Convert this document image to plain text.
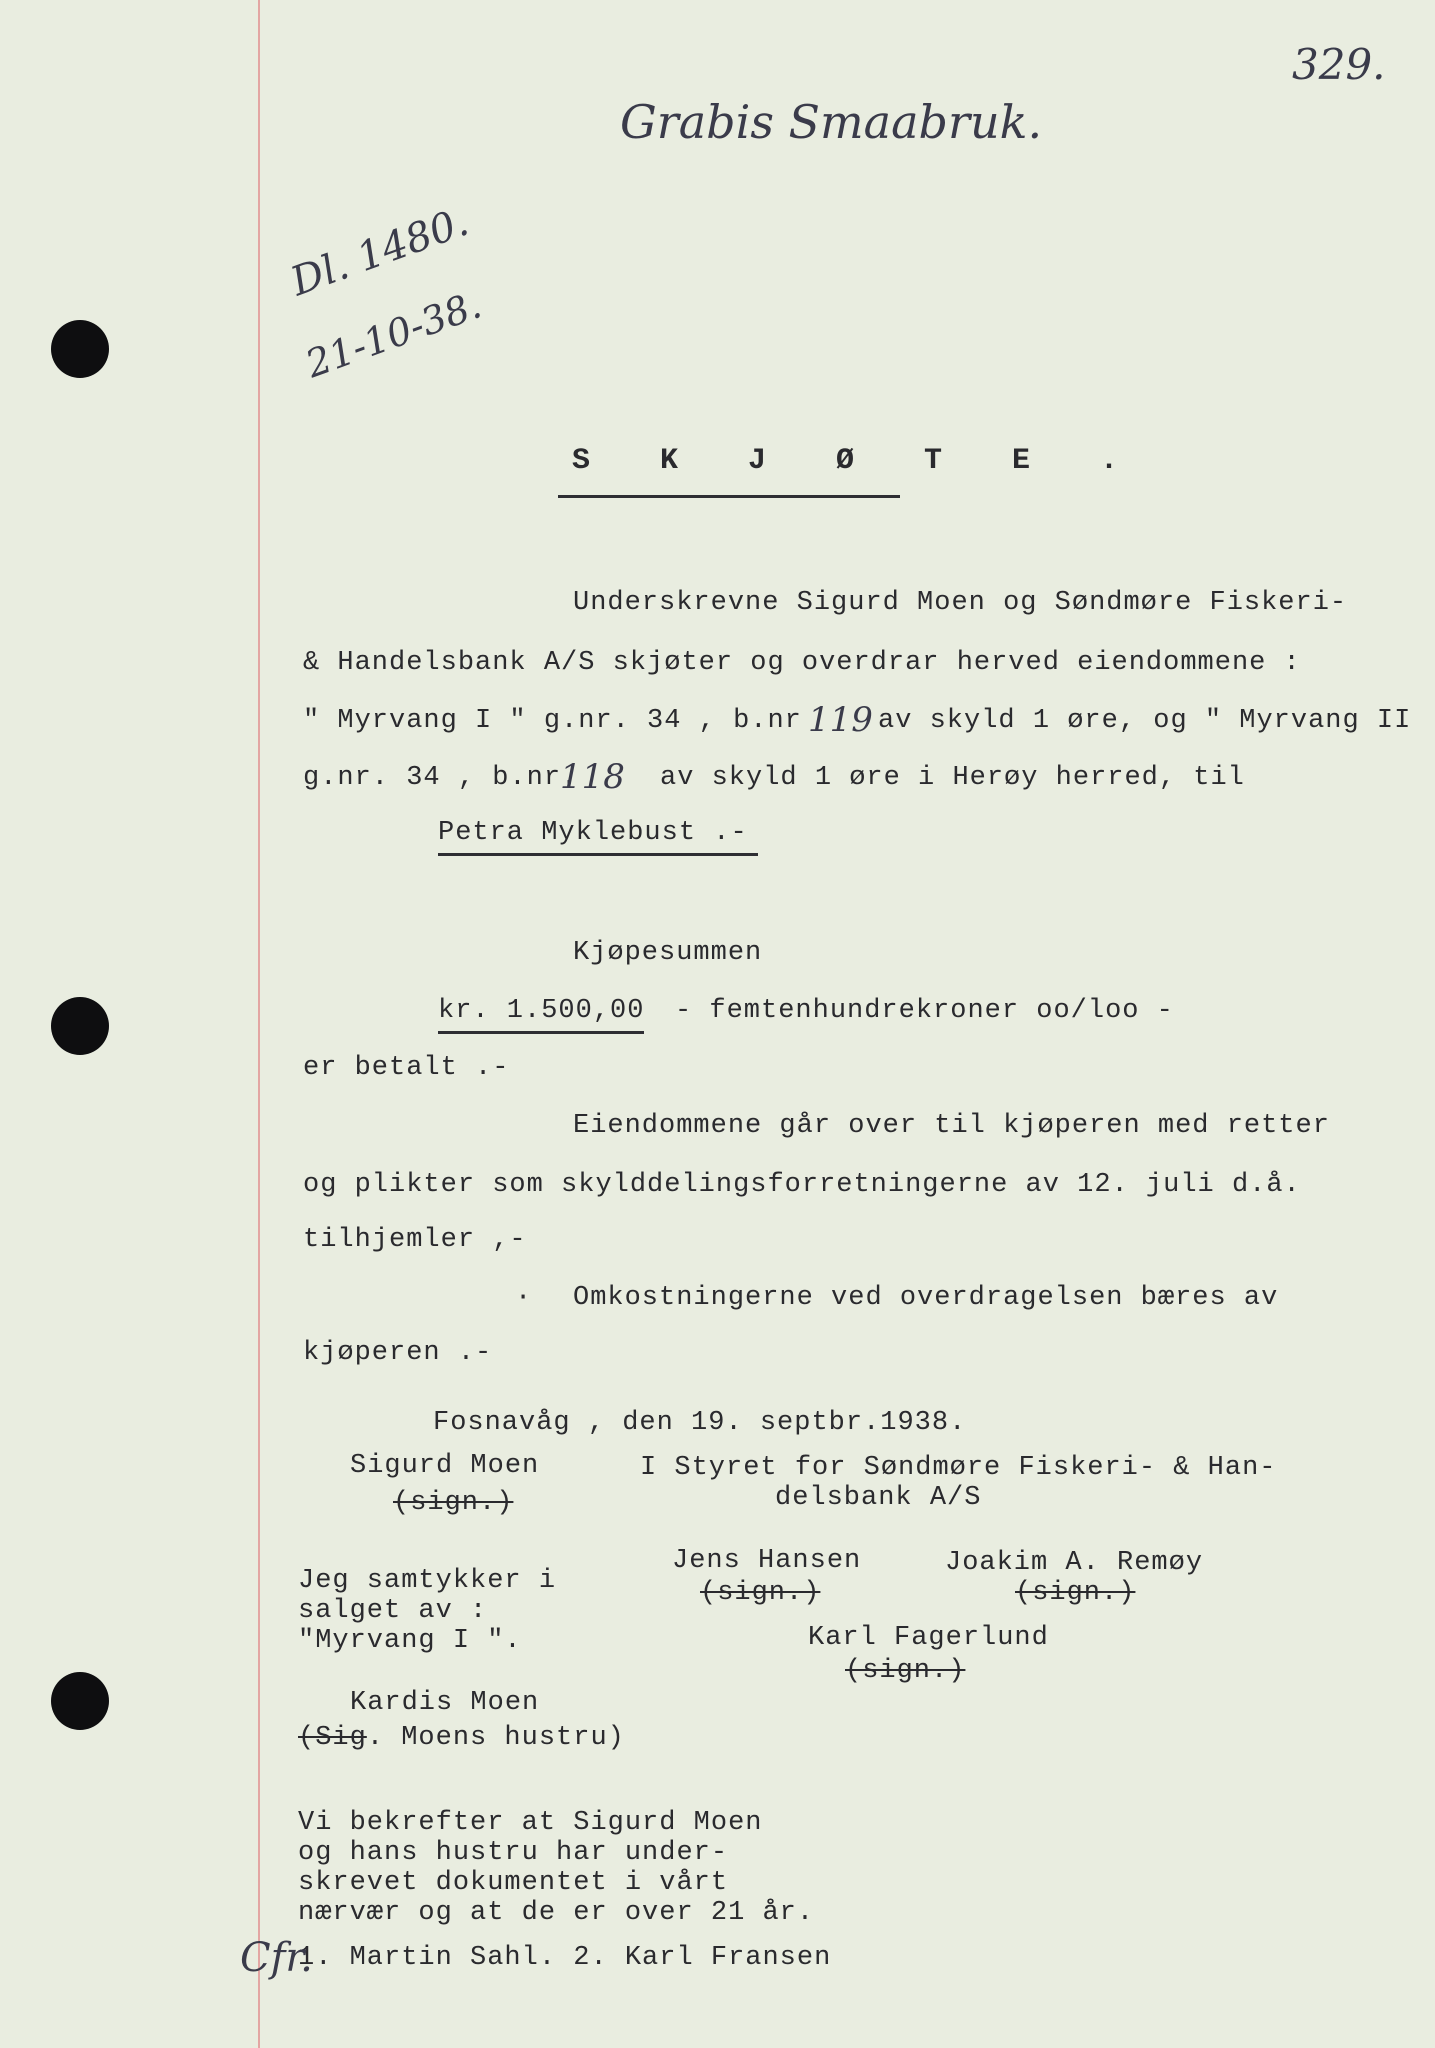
329.
Grabis Smaabruk.
Dl. 1480.
21-10-38.
S K J Ø T E .
Underskrevne Sigurd Moen og Søndmøre Fiskeri-
& Handelsbank A/S skjøter og overdrar herved eiendommene :
" Myrvang I " g.nr. 34 , b.nr 119 av skyld 1 øre, og " Myrvang II
g.nr. 34 , b.nr.
118 av skyld 1 øre i Herøy herred, til
Petra Myklebust .-
Kjøpesummen
kr. 1.500,00 - femtenhundrekroner oo/loo -
er betalt .-
Eiendommene går over til kjøperen med retter
og plikter som skylddelingsforretningerne av 12. juli d.å.
tilhjemler ,-
· Omkostningerne ved overdragelsen bæres av
kjøperen .-
Fosnavåg , den 19. septbr.1938.
Sigurd Moen
(sign.)
I Styret for Søndmøre Fiskeri- & Han-
delsbank A/S
Jeg samtykker i
salget av :
"Myrvang I ".
Jens Hansen
(sign.)
Joakim A. Remøy
(sign.)
Karl Fagerlund
(sign.)
Kardis Moen
(Sig. Moens hustru)
Vi bekrefter at Sigurd Moen
og hans hustru har under-
skrevet dokumentet i vårt
nærvær og at de er over 21 år.
1. Martin Sahl. 2. Karl Fransen
Cfr.
